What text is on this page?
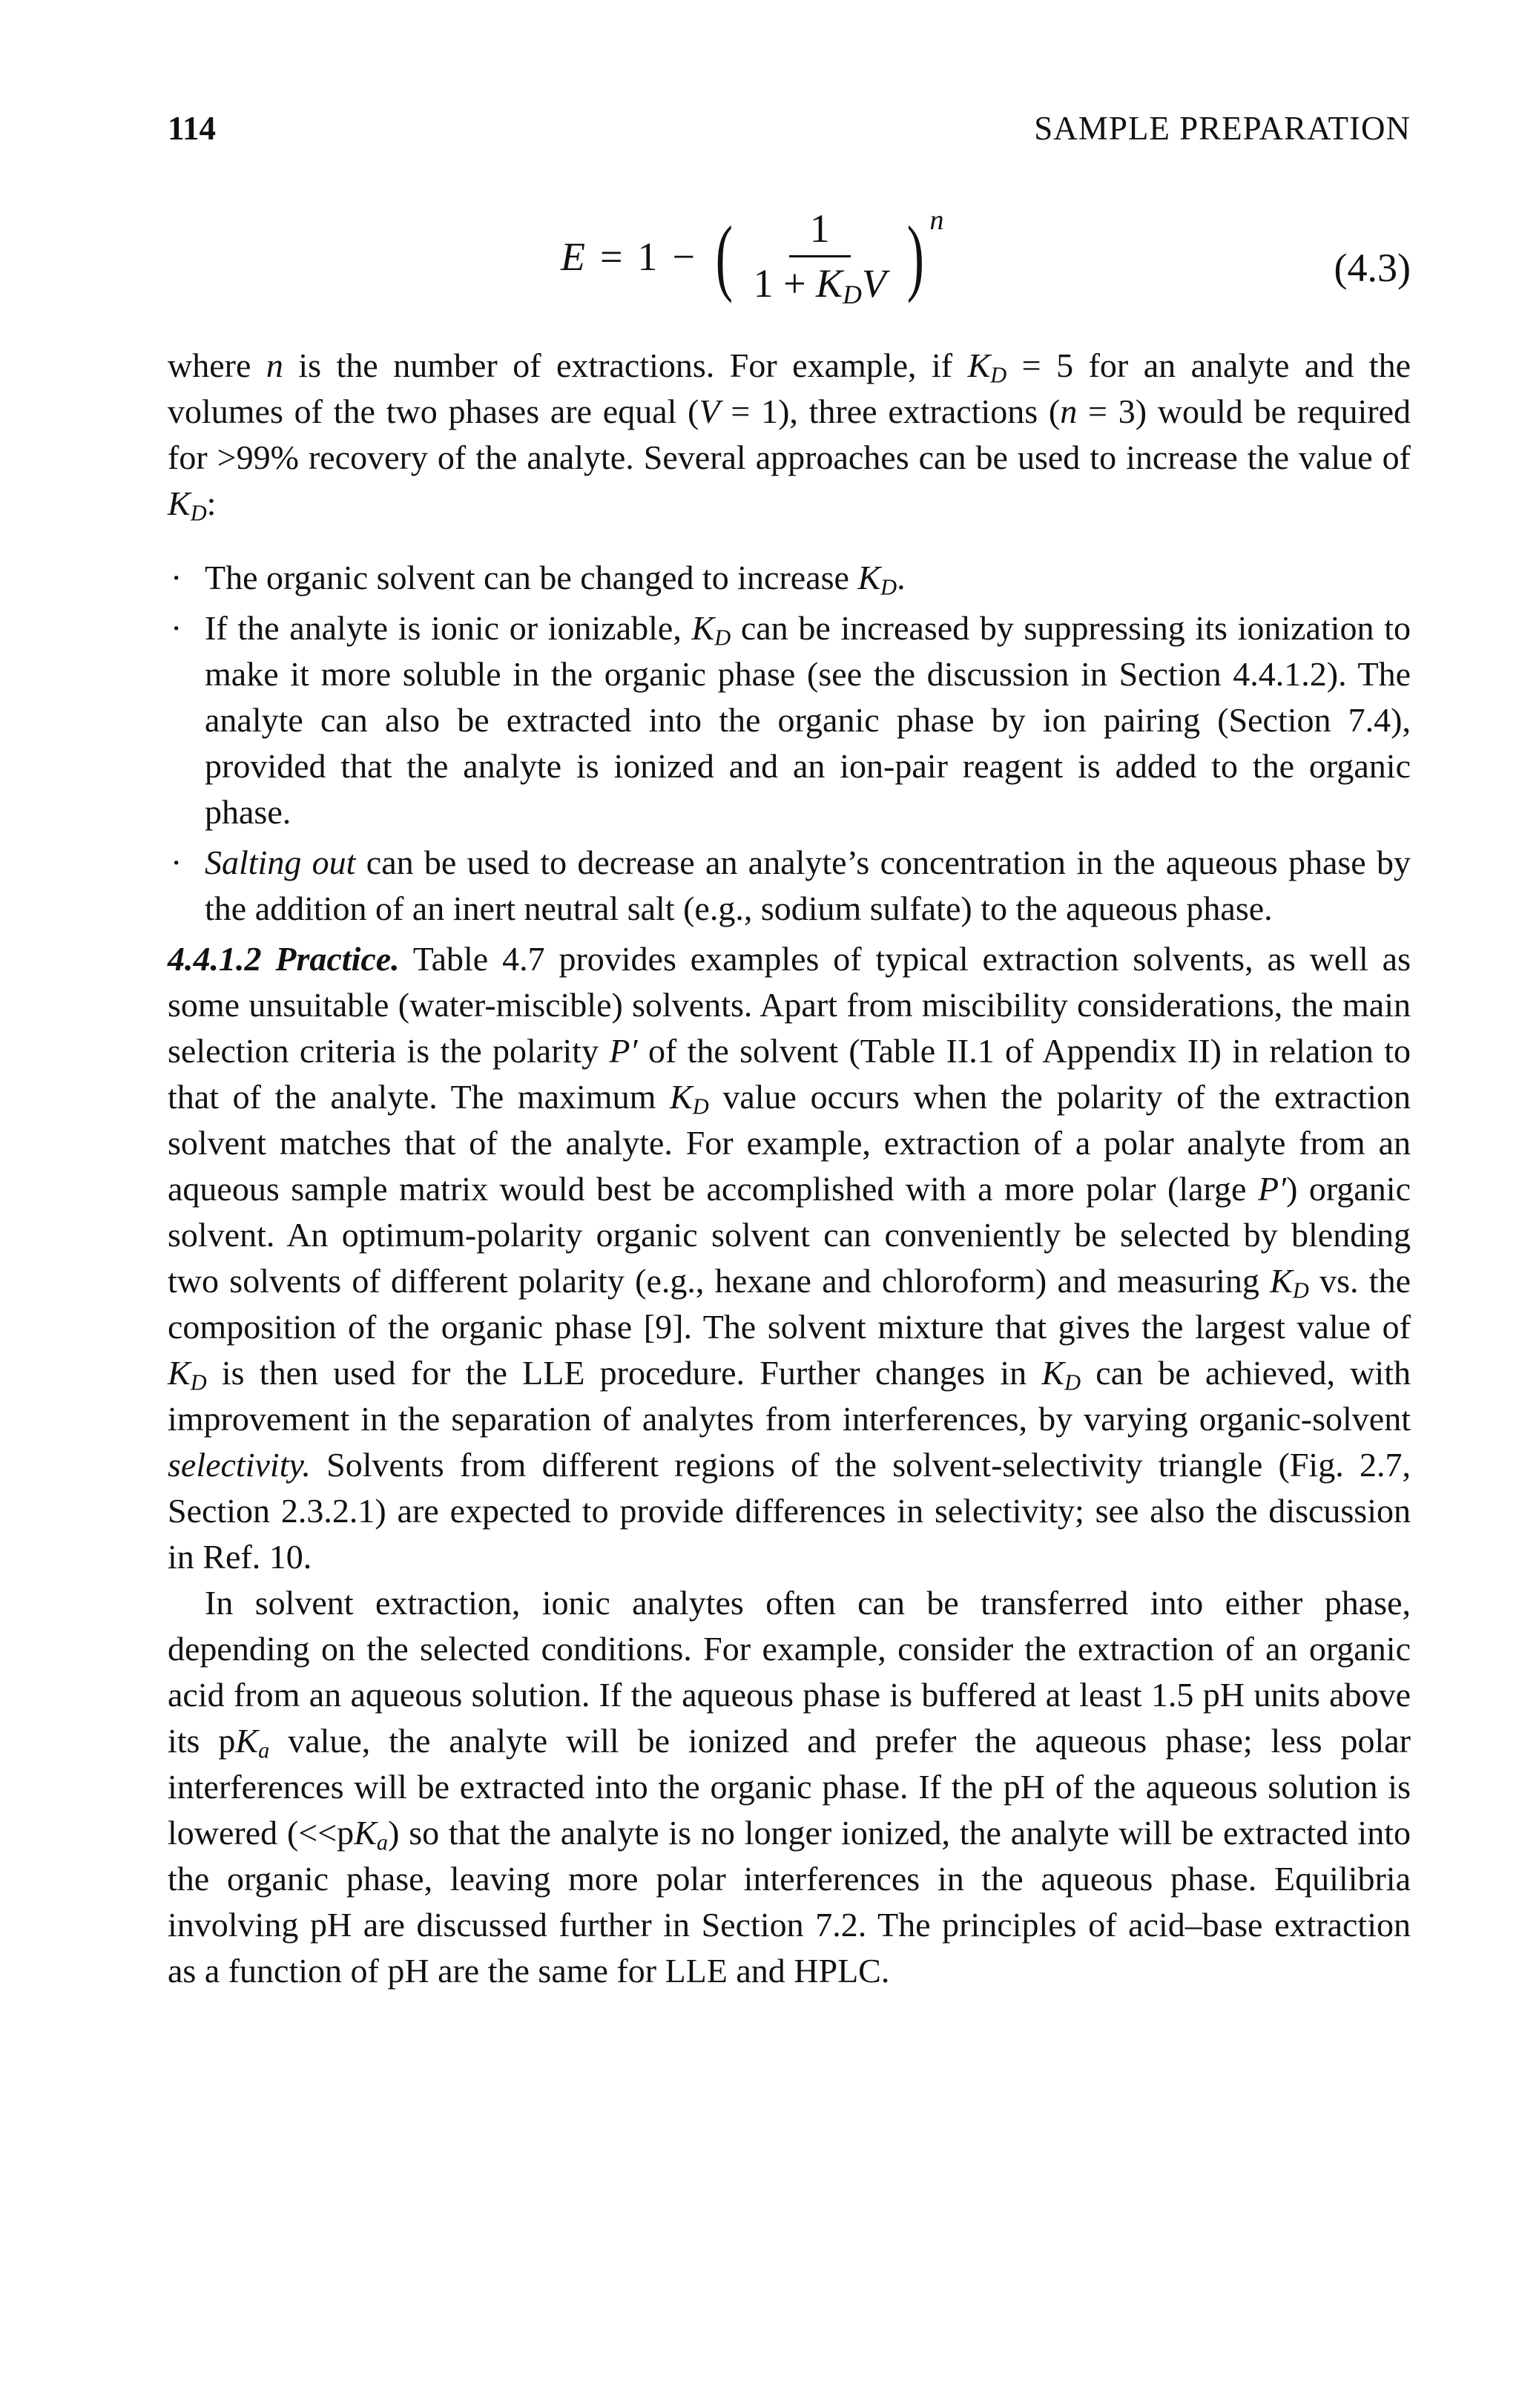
114	SAMPLE PREPARATION
E = 1 − ( $\frac{1}{1 + K_DV}$ ) n
(4.3)

where n is the number of extractions. For example, if $K_D = 5$ for an analyte and the volumes of the two phases are equal (V = 1), three extractions (n = 3) would be required for >99% recovery of the analyte. Several approaches can be used to increase the value of $K_D$:

· The organic solvent can be changed to increase $K_D$.
· If the analyte is ionic or ionizable, $K_D$ can be increased by suppressing its ionization to make it more soluble in the organic phase (see the discussion in Section 4.4.1.2). The analyte can also be extracted into the organic phase by ion pairing (Section 7.4), provided that the analyte is ionized and an ion-pair reagent is added to the organic phase.
· Salting out can be used to decrease an analyte’s concentration in the aqueous phase by the addition of an inert neutral salt (e.g., sodium sulfate) to the aqueous phase.

4.4.1.2 Practice. Table 4.7 provides examples of typical extraction solvents, as well as some unsuitable (water-miscible) solvents. Apart from miscibility considerations, the main selection criteria is the polarity P′ of the solvent (Table II.1 of Appendix II) in relation to that of the analyte. The maximum $K_D$ value occurs when the polarity of the extraction solvent matches that of the analyte. For example, extraction of a polar analyte from an aqueous sample matrix would best be accomplished with a more polar (large P′) organic solvent. An optimum-polarity organic solvent can conveniently be selected by blending two solvents of different polarity (e.g., hexane and chloroform) and measuring $K_D$ vs. the composition of the organic phase [9]. The solvent mixture that gives the largest value of $K_D$ is then used for the LLE procedure. Further changes in $K_D$ can be achieved, with improvement in the separation of analytes from interferences, by varying organic-solvent selectivity. Solvents from different regions of the solvent-selectivity triangle (Fig. 2.7, Section 2.3.2.1) are expected to provide differences in selectivity; see also the discussion in Ref. 10.

In solvent extraction, ionic analytes often can be transferred into either phase, depending on the selected conditions. For example, consider the extraction of an organic acid from an aqueous solution. If the aqueous phase is buffered at least 1.5 pH units above its $pK_a$ value, the analyte will be ionized and prefer the aqueous phase; less polar interferences will be extracted into the organic phase. If the pH of the aqueous solution is lowered $(<<pK_a)$ so that the analyte is no longer ionized, the analyte will be extracted into the organic phase, leaving more polar interferences in the aqueous phase. Equilibria involving pH are discussed further in Section 7.2. The principles of acid–base extraction as a function of pH are the same for LLE and HPLC.
